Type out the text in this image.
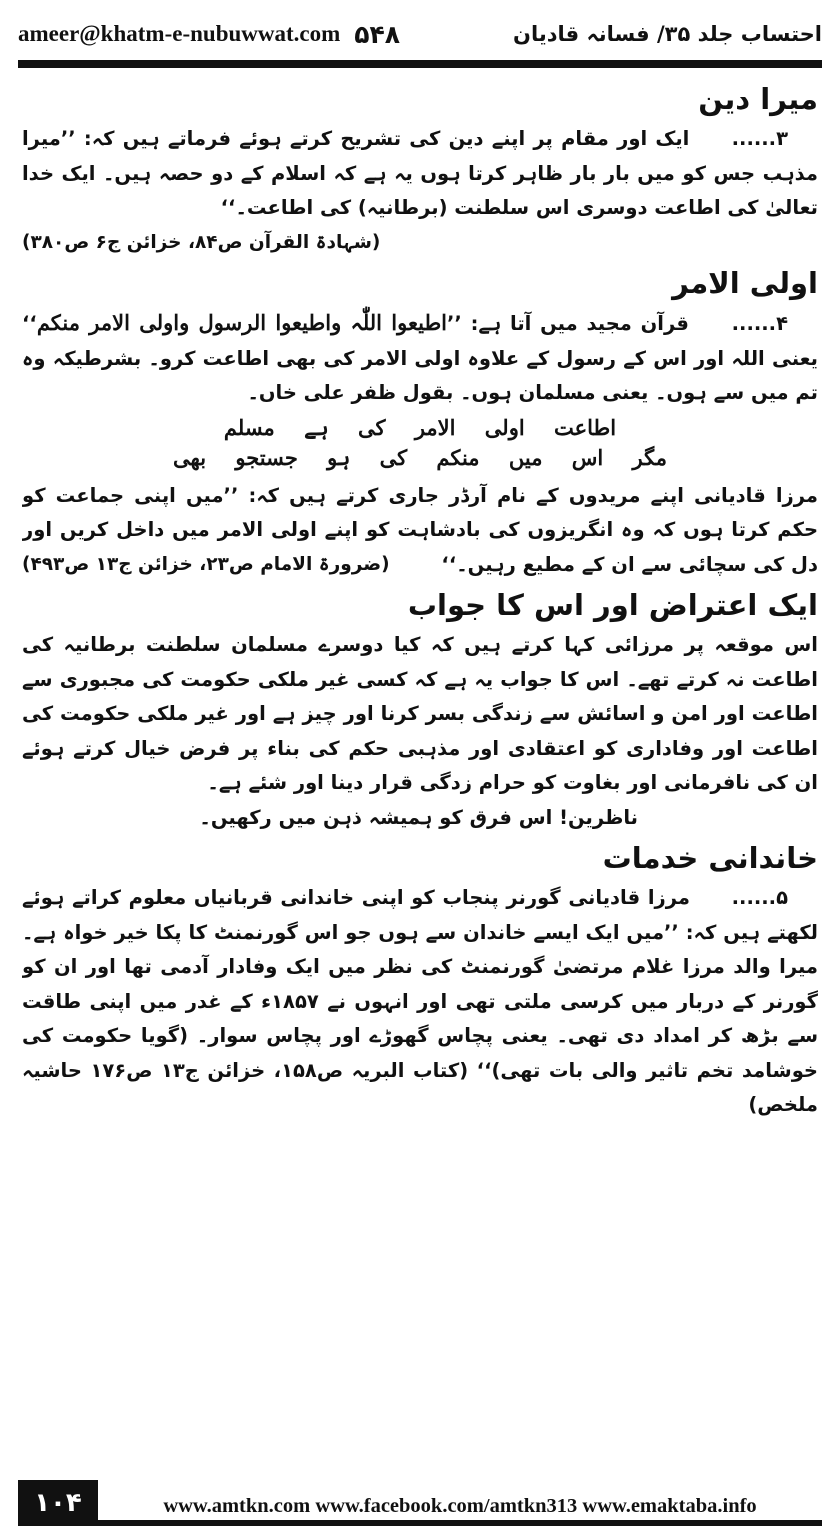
ameer@khatm-e-nubuwwat.com ۵۴۸	احتساب جلد ۳۵/ فسانہ قادیان
میرا دین

۳...... ایک اور مقام پر اپنے دین کی تشریح کرتے ہوئے فرماتے ہیں کہ: ’’میرا مذہب جس کو میں بار بار ظاہر کرتا ہوں یہ ہے کہ اسلام کے دو حصہ ہیں۔ ایک خدا تعالیٰ کی اطاعت دوسری اس سلطنت (برطانیہ) کی اطاعت۔‘‘
(شہادۃ القرآن ص۸۴، خزائن ج۶ ص۳۸۰)

اولی الامر

۴...... قرآن مجید میں آتا ہے: ’’اطیعوا اللّٰہ واطیعوا الرسول واولی الامر منکم‘‘ یعنی اللہ اور اس کے رسول کے علاوہ اولی الامر کی بھی اطاعت کرو۔ بشرطیکہ وہ تم میں سے ہوں۔ یعنی مسلمان ہوں۔ بقول ظفر علی خاں۔

اطاعت اولی الامر کی ہے مسلم
مگر اس میں منکم کی ہو جستجو بھی

مرزا قادیانی اپنے مریدوں کے نام آرڈر جاری کرتے ہیں کہ: ’’میں اپنی جماعت کو حکم کرتا ہوں کہ وہ انگریزوں کی بادشاہت کو اپنے اولی الامر میں داخل کریں اور دل کی سچائی سے ان کے مطیع رہیں۔‘‘
(ضرورۃ الامام ص۲۳، خزائن ج۱۳ ص۴۹۳)

ایک اعتراض اور اس کا جواب

اس موقعہ پر مرزائی کہا کرتے ہیں کہ کیا دوسرے مسلمان سلطنت برطانیہ کی اطاعت نہ کرتے تھے۔ اس کا جواب یہ ہے کہ کسی غیر ملکی حکومت کی مجبوری سے اطاعت اور امن و اسائش سے زندگی بسر کرنا اور چیز ہے اور غیر ملکی حکومت کی اطاعت اور وفاداری کو اعتقادی اور مذہبی حکم کی بناء پر فرض خیال کرتے ہوئے ان کی نافرمانی اور بغاوت کو حرام زدگی قرار دینا اور شئے ہے۔

ناظرین! اس فرق کو ہمیشہ ذہن میں رکھیں۔

خاندانی خدمات

۵...... مرزا قادیانی گورنر پنجاب کو اپنی خاندانی قربانیاں معلوم کراتے ہوئے لکھتے ہیں کہ: ’’میں ایک ایسے خاندان سے ہوں جو اس گورنمنٹ کا پکا خیر خواہ ہے۔ میرا والد مرزا غلام مرتضیٰ گورنمنٹ کی نظر میں ایک وفادار آدمی تھا اور ان کو گورنر کے دربار میں کرسی ملتی تھی اور انہوں نے ۱۸۵۷ء کے غدر میں اپنی طاقت سے بڑھ کر امداد دی تھی۔ یعنی پچاس گھوڑے اور پچاس سوار۔ (گویا حکومت کی خوشامد تخم تاثیر والی بات تھی)‘‘ (کتاب البریہ ص۱۵۸، خزائن ج۱۳ ص۱۷۶ حاشیہ ملخص)

۱۰۴	www.amtkn.com www.facebook.com/amtkn313 www.emaktaba.info
